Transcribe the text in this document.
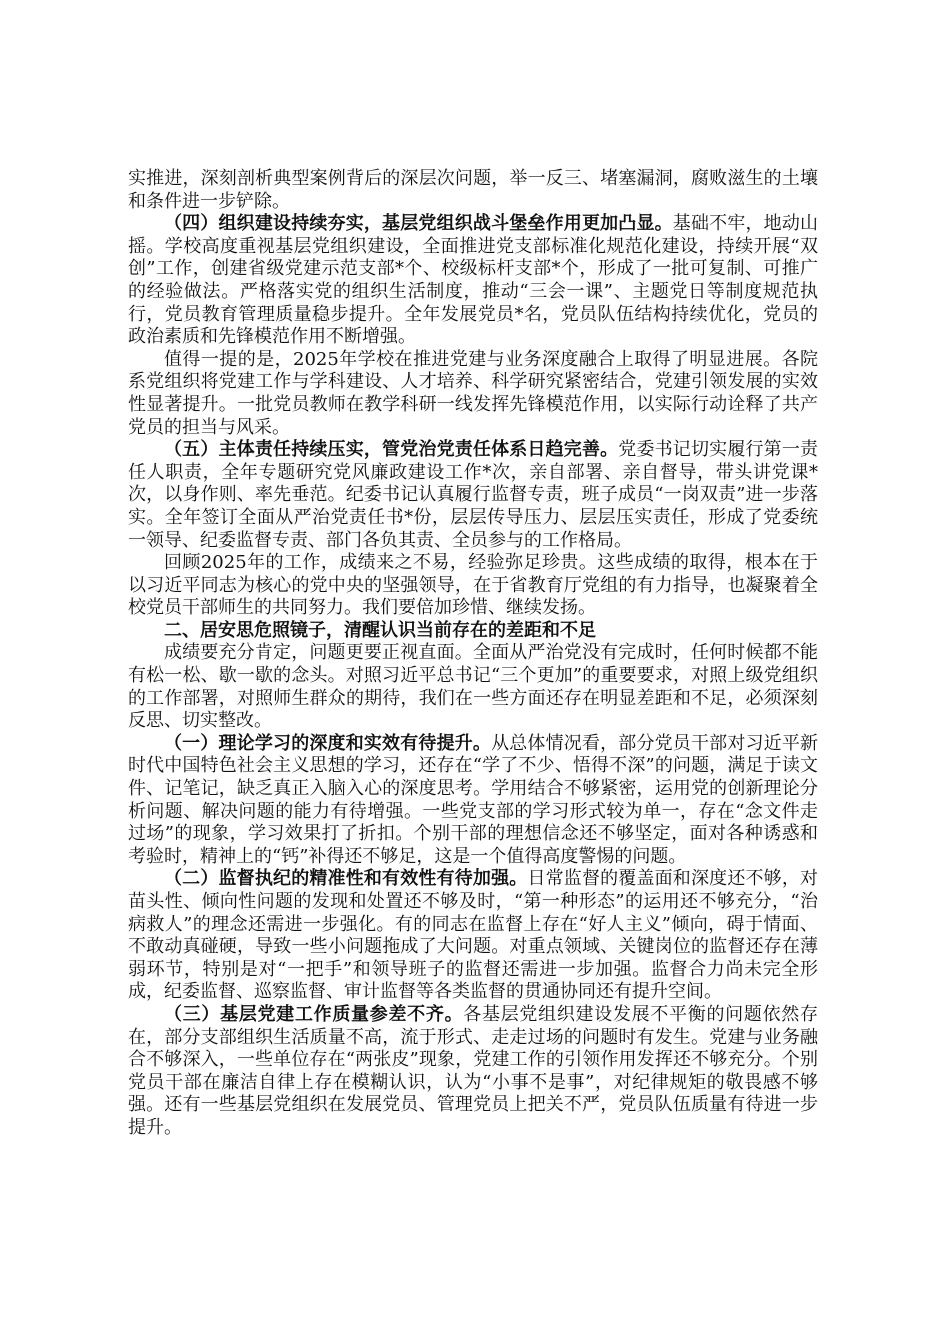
实推进，深刻剖析典型案例背后的深层次问题，举一反三、堵塞漏洞，腐败滋生的土壤和条件进一步铲除。

（四）组织建设持续夯实，基层党组织战斗堡垒作用更加凸显。基础不牢，地动山摇。学校高度重视基层党组织建设，全面推进党支部标准化规范化建设，持续开展“双创”工作，创建省级党建示范支部*个、校级标杆支部*个，形成了一批可复制、可推广的经验做法。严格落实党的组织生活制度，推动“三会一课”、主题党日等制度规范执行，党员教育管理质量稳步提升。全年发展党员*名，党员队伍结构持续优化，党员的政治素质和先锋模范作用不断增强。

值得一提的是，2025年学校在推进党建与业务深度融合上取得了明显进展。各院系党组织将党建工作与学科建设、人才培养、科学研究紧密结合，党建引领发展的实效性显著提升。一批党员教师在教学科研一线发挥先锋模范作用，以实际行动诠释了共产党员的担当与风采。

（五）主体责任持续压实，管党治党责任体系日趋完善。党委书记切实履行第一责任人职责，全年专题研究党风廉政建设工作*次，亲自部署、亲自督导，带头讲党课*次，以身作则、率先垂范。纪委书记认真履行监督专责，班子成员“一岗双责”进一步落实。全年签订全面从严治党责任书*份，层层传导压力、层层压实责任，形成了党委统一领导、纪委监督专责、部门各负其责、全员参与的工作格局。

回顾2025年的工作，成绩来之不易，经验弥足珍贵。这些成绩的取得，根本在于以习近平同志为核心的党中央的坚强领导，在于省教育厅党组的有力指导，也凝聚着全校党员干部师生的共同努力。我们要倍加珍惜、继续发扬。

二、居安思危照镜子，清醒认识当前存在的差距和不足

成绩要充分肯定，问题更要正视直面。全面从严治党没有完成时，任何时候都不能有松一松、歇一歇的念头。对照习近平总书记“三个更加”的重要要求，对照上级党组织的工作部署，对照师生群众的期待，我们在一些方面还存在明显差距和不足，必须深刻反思、切实整改。

（一）理论学习的深度和实效有待提升。从总体情况看，部分党员干部对习近平新时代中国特色社会主义思想的学习，还存在“学了不少、悟得不深”的问题，满足于读文件、记笔记，缺乏真正入脑入心的深度思考。学用结合不够紧密，运用党的创新理论分析问题、解决问题的能力有待增强。一些党支部的学习形式较为单一，存在“念文件走过场”的现象，学习效果打了折扣。个别干部的理想信念还不够坚定，面对各种诱惑和考验时，精神上的“钙”补得还不够足，这是一个值得高度警惕的问题。

（二）监督执纪的精准性和有效性有待加强。日常监督的覆盖面和深度还不够，对苗头性、倾向性问题的发现和处置还不够及时，“第一种形态”的运用还不够充分，“治病救人”的理念还需进一步强化。有的同志在监督上存在“好人主义”倾向，碍于情面、不敢动真碰硬，导致一些小问题拖成了大问题。对重点领域、关键岗位的监督还存在薄弱环节，特别是对“一把手”和领导班子的监督还需进一步加强。监督合力尚未完全形成，纪委监督、巡察监督、审计监督等各类监督的贯通协同还有提升空间。

（三）基层党建工作质量参差不齐。各基层党组织建设发展不平衡的问题依然存在，部分支部组织生活质量不高，流于形式、走走过场的问题时有发生。党建与业务融合不够深入，一些单位存在“两张皮”现象，党建工作的引领作用发挥还不够充分。个别党员干部在廉洁自律上存在模糊认识，认为“小事不是事”，对纪律规矩的敬畏感不够强。还有一些基层党组织在发展党员、管理党员上把关不严，党员队伍质量有待进一步提升。
